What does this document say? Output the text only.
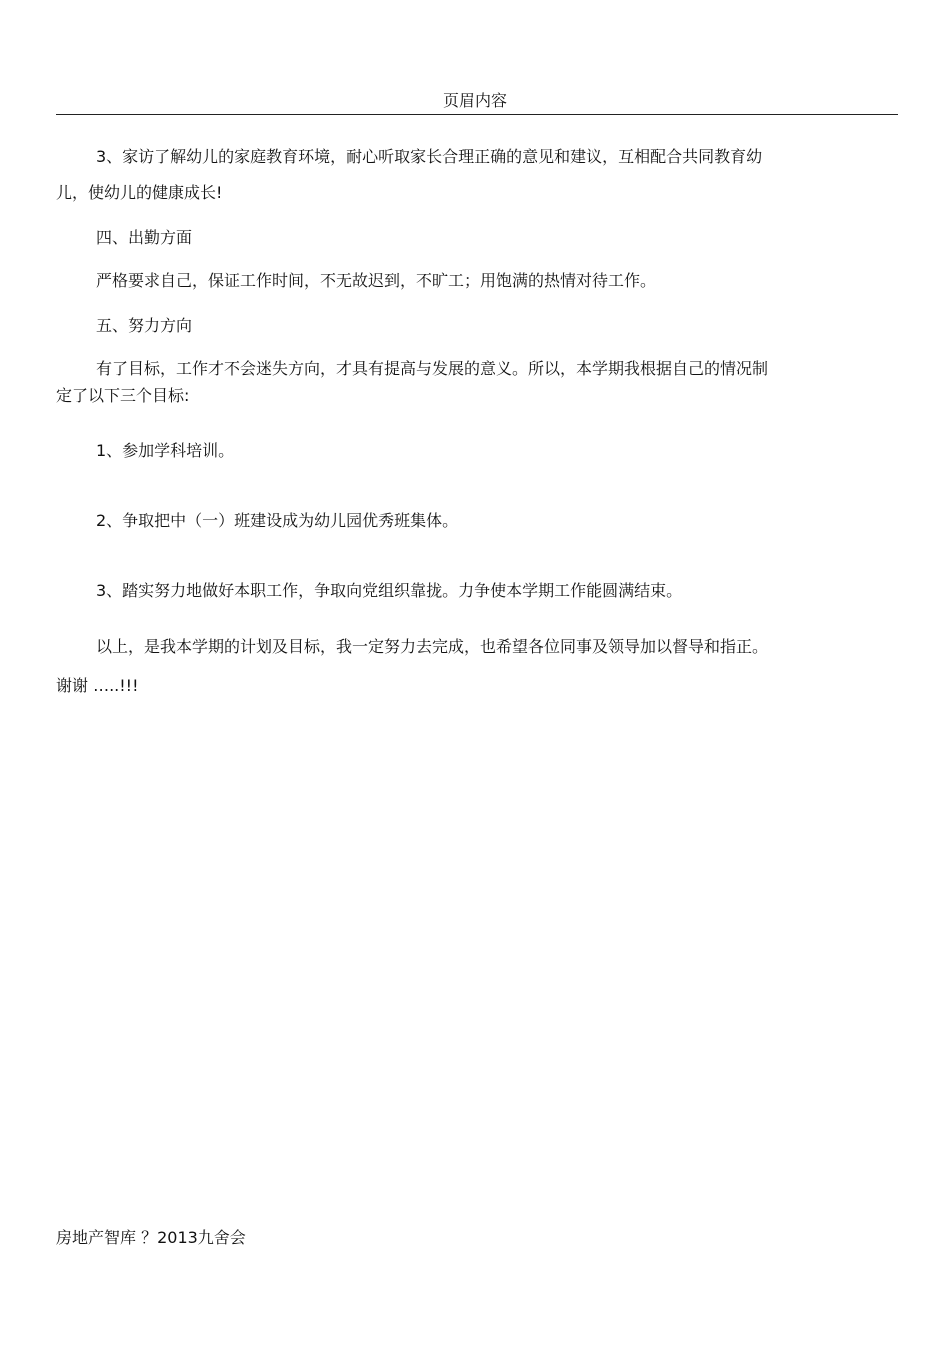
页眉内容
3、家访了解幼儿的家庭教育环境，耐心听取家长合理正确的意见和建议，互相配合共同教育幼
儿，使幼儿的健康成长!
四、出勤方面
严格要求自己，保证工作时间，不无故迟到，不旷工；用饱满的热情对待工作。
五、努力方向
有了目标，工作才不会迷失方向，才具有提高与发展的意义。所以，本学期我根据自己的情况制
定了以下三个目标:
1、参加学科培训。
2、争取把中（一）班建设成为幼儿园优秀班集体。
3、踏实努力地做好本职工作，争取向党组织靠拢。力争使本学期工作能圆满结束。
以上，是我本学期的计划及目标，我一定努力去完成，也希望各位同事及领导加以督导和指正。
谢谢 …..!!!
房地产智库 ？2013九舍会
